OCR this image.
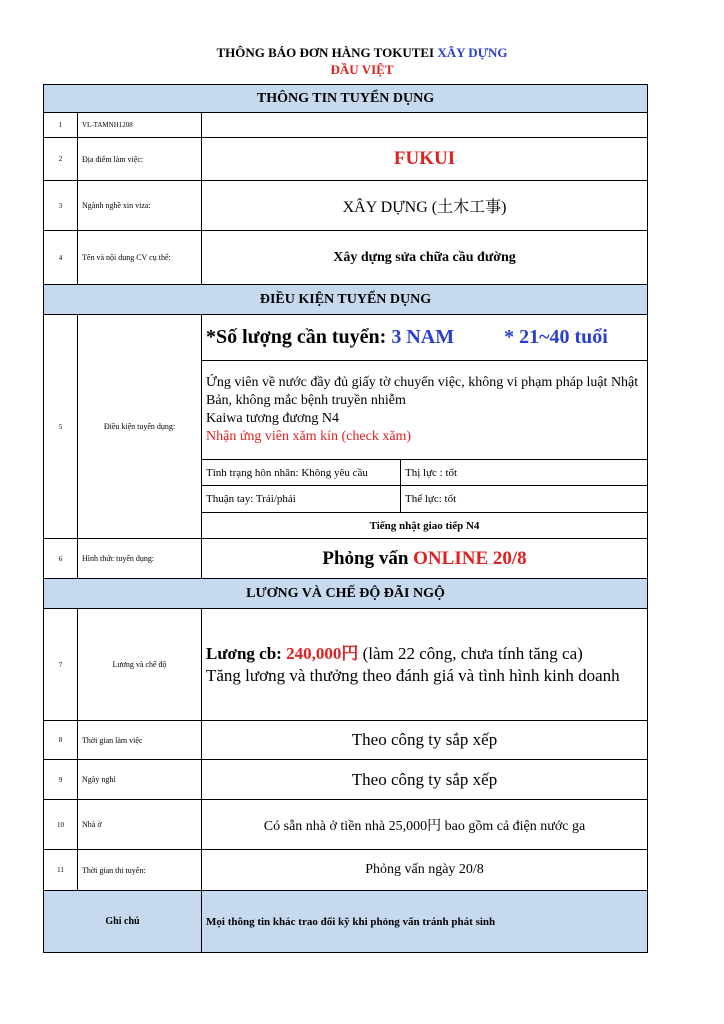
THÔNG BÁO ĐƠN HÀNG TOKUTEI XÂY DỰNG
ĐẦU VIỆT
THÔNG TIN TUYỂN DỤNG			
1	VL-TAMNH1208		
2	Địa điểm làm việc:	FUKUI	
3	Ngành nghề xin viza:	XÂY DỰNG (土木工事)	
4	Tên và nội dung CV cụ thể:	Xây dựng sửa chữa cầu đường	
ĐIỀU KIỆN TUYỂN DỤNG			
5	Điều kiện tuyển dụng:	*Số lượng cần tuyển: 3 NAM * 21~40 tuổi	

		Ứng viên về nước đầy đủ giấy tờ chuyển việc, không vi phạm pháp luật Nhật Bản, không mắc bệnh truyền nhiễm
Kaiwa tương đương N4
Nhận ứng viên xăm kín (check xăm)	

		Tình trạng hôn nhân: Không yêu cầu	Thị lực : tốt
		Thuận tay: Trái/phải	Thể lực: tốt
		Tiếng nhật giao tiếp N4	
6	Hình thức tuyển dụng:	Phỏng vấn ONLINE 20/8	
LƯƠNG VÀ CHẾ ĐỘ ĐÃI NGỘ			
7	Lương và chế độ	Lương cb: 240,000円 (làm 22 công, chưa tính tăng ca)
Tăng lương và thưởng theo đánh giá và tình hình kinh doanh	

8	Thời gian làm việc	Theo công ty sắp xếp	
9	Ngày nghỉ	Theo công ty sắp xếp	
10	Nhà ở	Có sẵn nhà ở tiền nhà 25,000円 bao gồm cả điện nước ga	
11	Thời gian thi tuyển:	Phỏng vấn ngày 20/8	
Ghi chú		Mọi thông tin khác trao đổi kỹ khi phỏng vấn tránh phát sinh	
